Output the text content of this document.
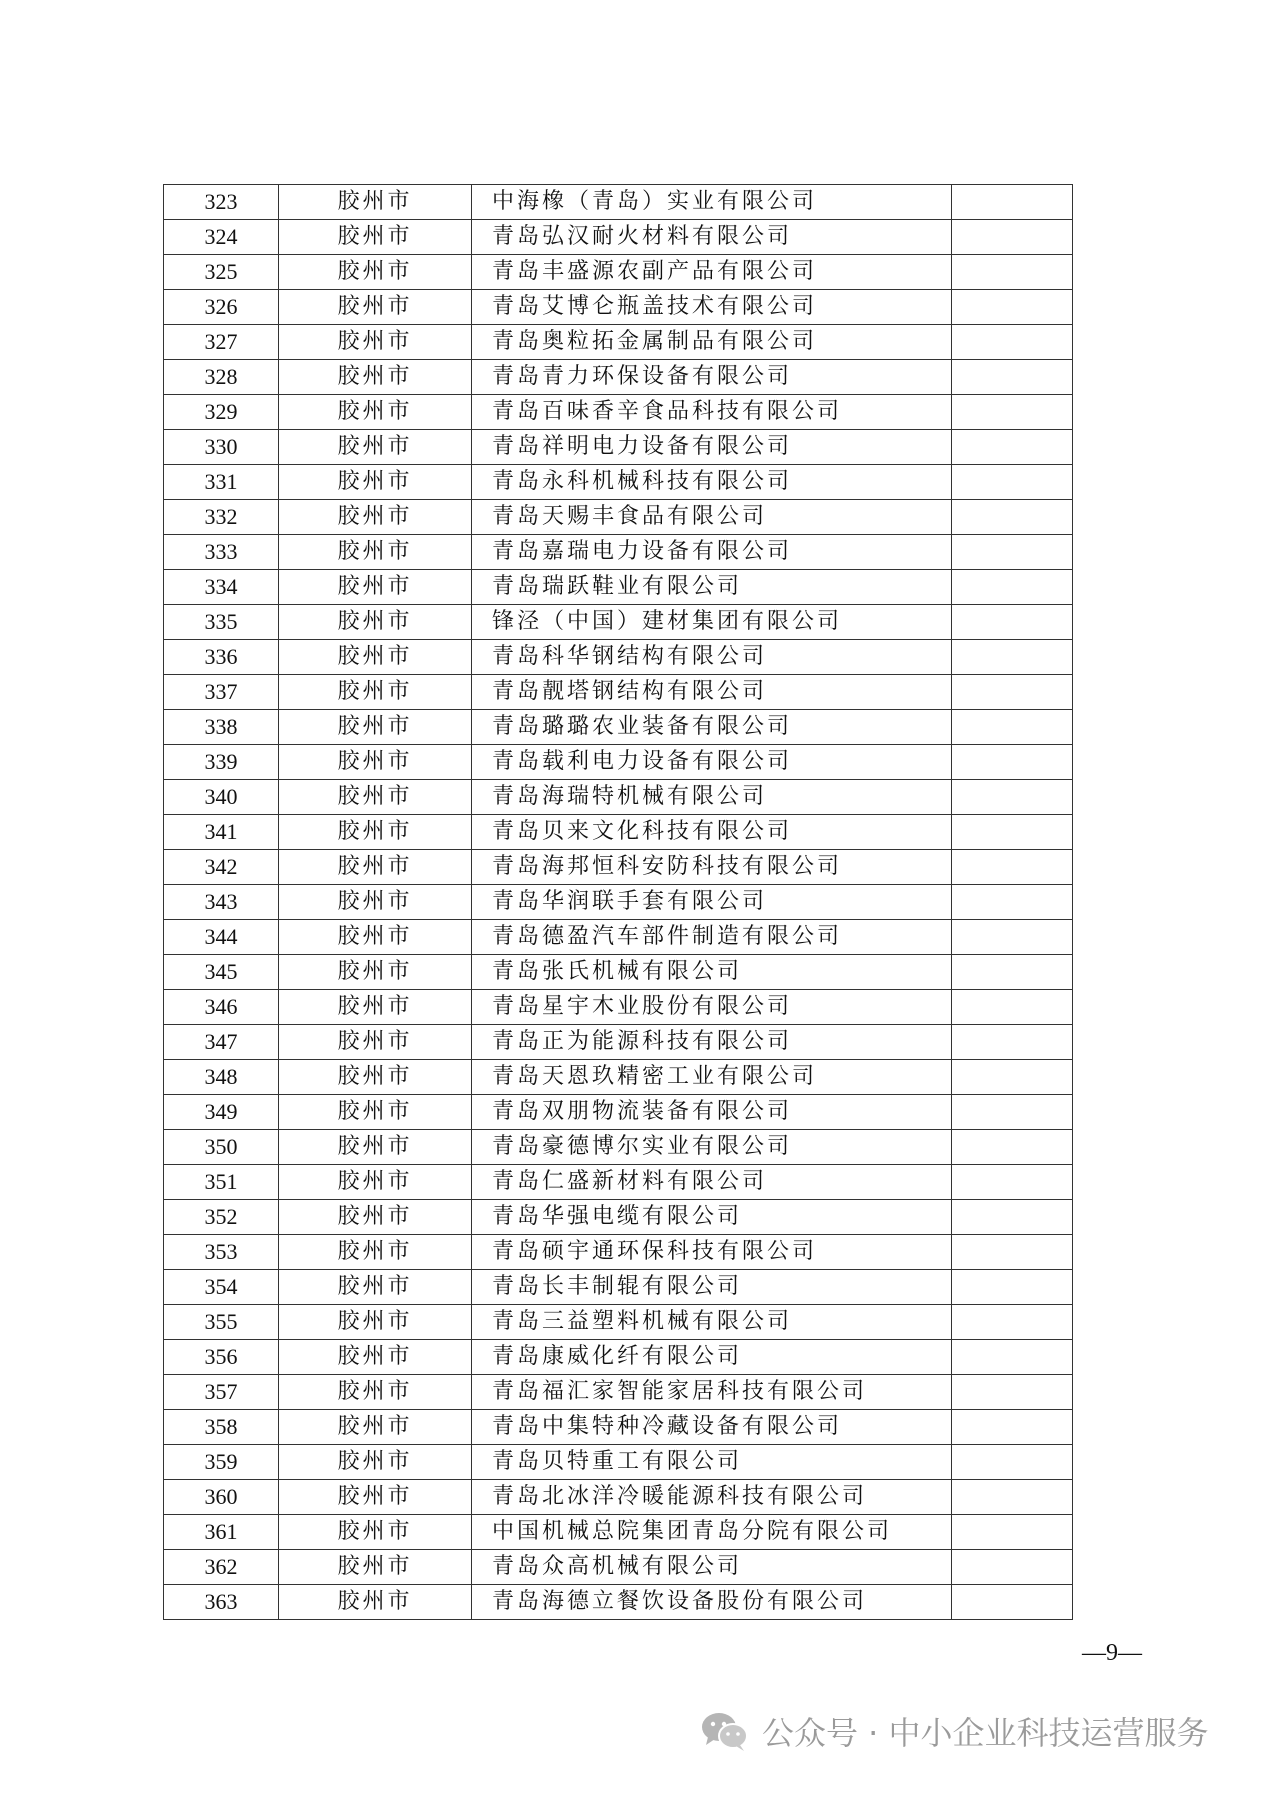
323	胶州市	中海橡（青岛）实业有限公司	
324	胶州市	青岛弘汉耐火材料有限公司	
325	胶州市	青岛丰盛源农副产品有限公司	
326	胶州市	青岛艾博仑瓶盖技术有限公司	
327	胶州市	青岛奥粒拓金属制品有限公司	
328	胶州市	青岛青力环保设备有限公司	
329	胶州市	青岛百味香辛食品科技有限公司	
330	胶州市	青岛祥明电力设备有限公司	
331	胶州市	青岛永科机械科技有限公司	
332	胶州市	青岛天赐丰食品有限公司	
333	胶州市	青岛嘉瑞电力设备有限公司	
334	胶州市	青岛瑞跃鞋业有限公司	
335	胶州市	锋泾（中国）建材集团有限公司	
336	胶州市	青岛科华钢结构有限公司	
337	胶州市	青岛靓塔钢结构有限公司	
338	胶州市	青岛璐璐农业装备有限公司	
339	胶州市	青岛载利电力设备有限公司	
340	胶州市	青岛海瑞特机械有限公司	
341	胶州市	青岛贝来文化科技有限公司	
342	胶州市	青岛海邦恒科安防科技有限公司	
343	胶州市	青岛华润联手套有限公司	
344	胶州市	青岛德盈汽车部件制造有限公司	
345	胶州市	青岛张氏机械有限公司	
346	胶州市	青岛星宇木业股份有限公司	
347	胶州市	青岛正为能源科技有限公司	
348	胶州市	青岛天恩玖精密工业有限公司	
349	胶州市	青岛双朋物流装备有限公司	
350	胶州市	青岛豪德博尔实业有限公司	
351	胶州市	青岛仁盛新材料有限公司	
352	胶州市	青岛华强电缆有限公司	
353	胶州市	青岛硕宇通环保科技有限公司	
354	胶州市	青岛长丰制辊有限公司	
355	胶州市	青岛三益塑料机械有限公司	
356	胶州市	青岛康威化纤有限公司	
357	胶州市	青岛福汇家智能家居科技有限公司	
358	胶州市	青岛中集特种冷藏设备有限公司	
359	胶州市	青岛贝特重工有限公司	
360	胶州市	青岛北冰洋冷暖能源科技有限公司	
361	胶州市	中国机械总院集团青岛分院有限公司	
362	胶州市	青岛众高机械有限公司	
363	胶州市	青岛海德立餐饮设备股份有限公司	
—9—
公众号 · 中小企业科技运营服务
